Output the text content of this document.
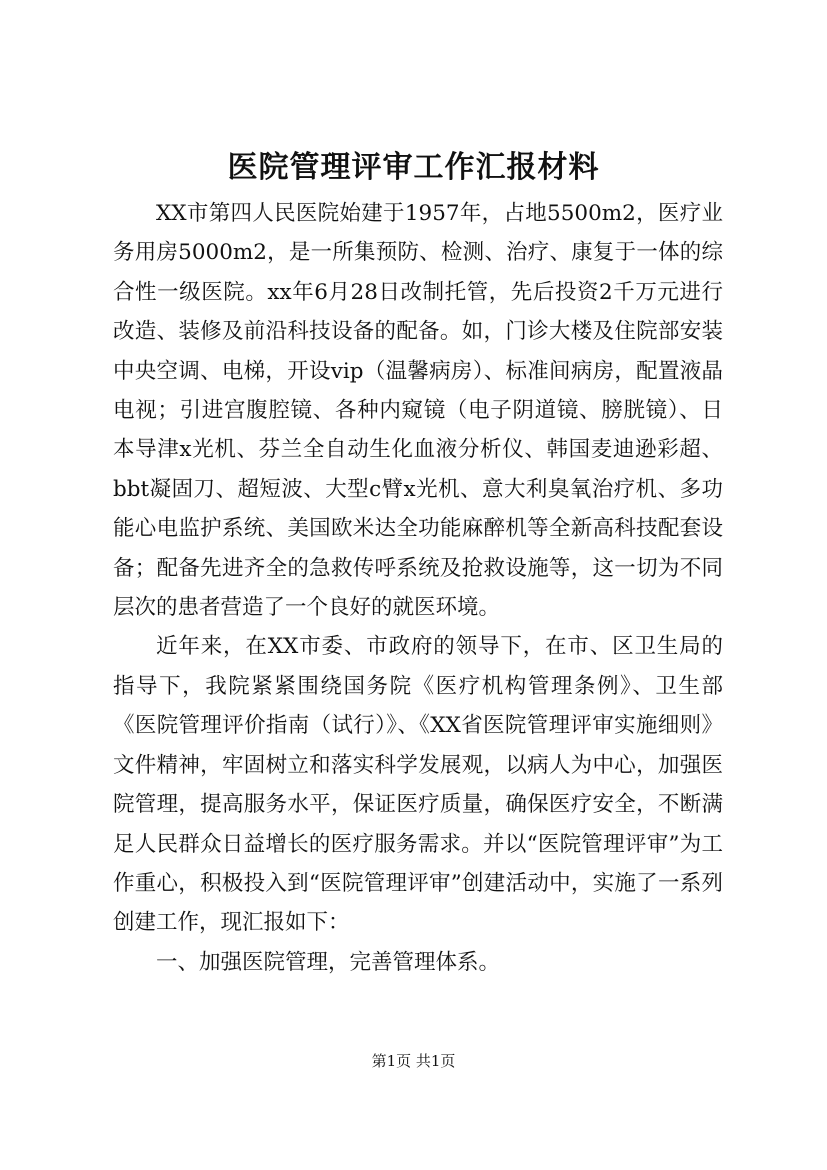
医院管理评审工作汇报材料

XX市第四人民医院始建于1957年，占地5500m2，医疗业务用房5000m2，是一所集预防、检测、治疗、康复于一体的综合性一级医院。xx年6月28日改制托管，先后投资2千万元进行改造、装修及前沿科技设备的配备。如，门诊大楼及住院部安装中央空调、电梯，开设vip（温馨病房）、标准间病房，配置液晶电视；引进宫腹腔镜、各种内窥镜（电子阴道镜、膀胱镜）、日本导津x光机、芬兰全自动生化血液分析仪、韩国麦迪逊彩超、bbt凝固刀、超短波、大型c臂x光机、意大利臭氧治疗机、多功能心电监护系统、美国欧米达全功能麻醉机等全新高科技配套设备；配备先进齐全的急救传呼系统及抢救设施等，这一切为不同层次的患者营造了一个良好的就医环境。

近年来，在XX市委、市政府的领导下，在市、区卫生局的指导下，我院紧紧围绕国务院《医疗机构管理条例》、卫生部《医院管理评价指南（试行）》、《XX省医院管理评审实施细则》文件精神，牢固树立和落实科学发展观，以病人为中心，加强医院管理，提高服务水平，保证医疗质量，确保医疗安全，不断满足人民群众日益增长的医疗服务需求。并以“医院管理评审”为工作重心，积极投入到“医院管理评审”创建活动中，实施了一系列创建工作，现汇报如下：

一、加强医院管理，完善管理体系。

第1页 共1页
